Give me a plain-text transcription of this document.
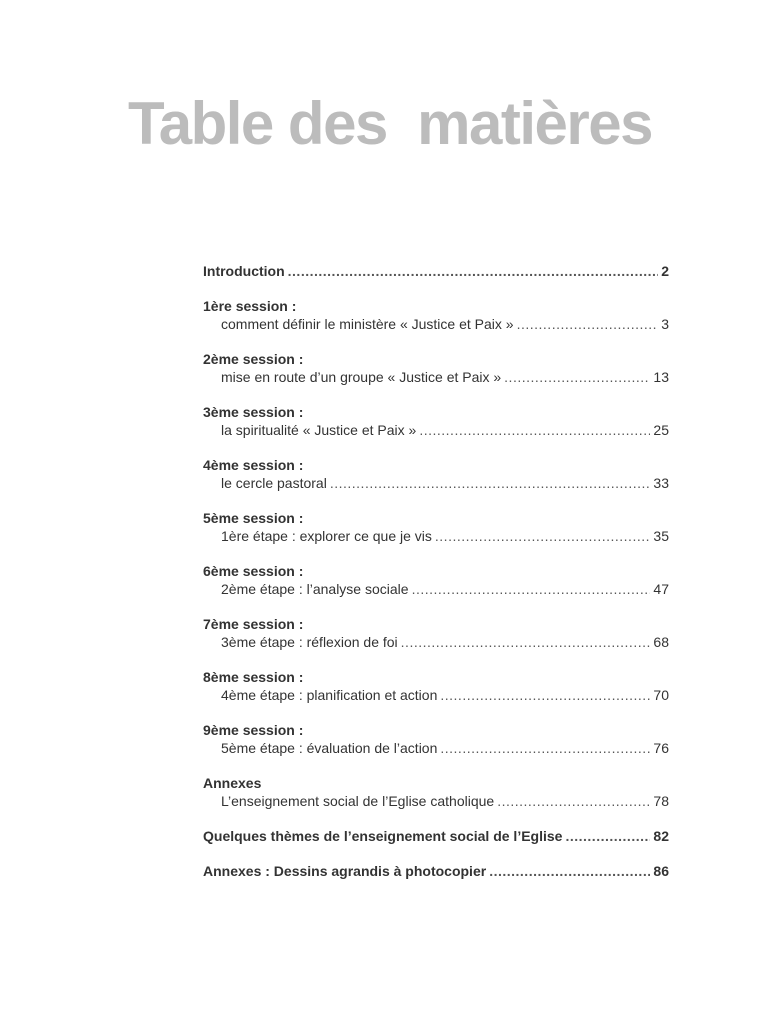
Table des  matières
Introduction .....	2
1ère session :
comment définir le ministère « Justice et Paix » .....	3
2ème session :
mise en route d’un groupe « Justice et Paix » .....	13
3ème session :
la spiritualité « Justice et Paix » .....	25
4ème session :
le cercle pastoral .....	33
5ème session :
1ère étape : explorer ce que je vis .....	35
6ème session :
2ème étape : l’analyse sociale .....	47
7ème session :
3ème étape : réflexion de foi .....	68
8ème session :
4ème étape : planification et action .....	70
9ème session :
5ème étape : évaluation de l’action .....	76
Annexes
L’enseignement social de l’Eglise catholique .....	78
Quelques thèmes de l’enseignement social de l’Eglise .....	82
Annexes : Dessins agrandis à photocopier .....	86
